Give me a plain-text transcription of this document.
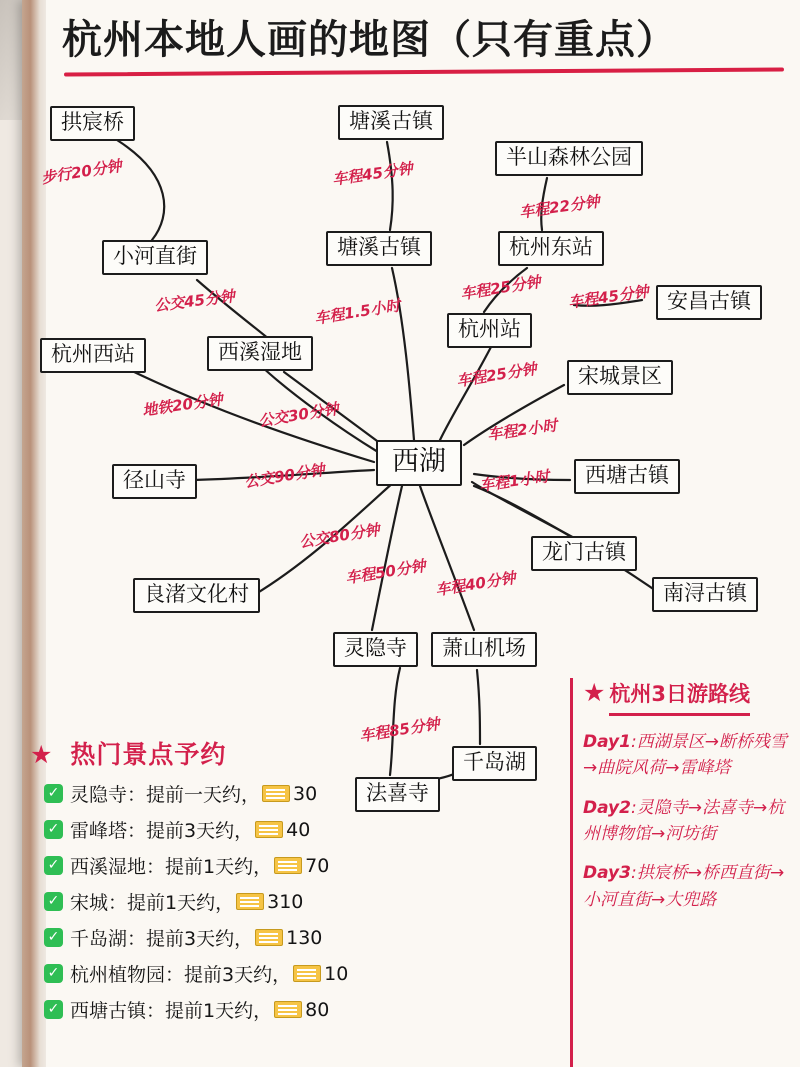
杭州本地人画的地图（只有重点）
拱宸桥	塘溪古镇
半山森林公园
小河直街	塘溪古镇	杭州东站
安昌古镇
杭州站
杭州西站	西溪湿地
宋城景区
西湖
径山寺	西塘古镇
龙门古镇
南浔古镇
良渚文化村
灵隐寺	萧山机场
千岛湖
法喜寺
步行20分钟	车程45分钟
车程22分钟
公交45分钟	车程25分钟 车程45分钟
车程1.5小时
车程25分钟
地铁20分钟 公交30分钟	车程2小时
公交90分钟	车程1小时
公交80分钟
车程50分钟 车程40分钟
车程85分钟
★ 热门景点予约
✓ 灵隐寺 ： 提前一天约， 30
✓ 雷峰塔 ： 提前3天约， 40
✓ 西溪湿地 ： 提前1天约， 70
✓ 宋城 ： 提前1天约， 310
✓ 千岛湖 ： 提前3天约， 130
✓ 杭州植物园 ： 提前3天约， 10
✓ 西塘古镇 ： 提前1天约， 80
★ 杭州3日游路线
Day1:西湖景区→断桥残雪→曲院风荷→雷峰塔
Day2:灵隐寺→法喜寺→杭州博物馆→河坊街
Day3:拱宸桥→桥西直街→小河直街→大兜路
